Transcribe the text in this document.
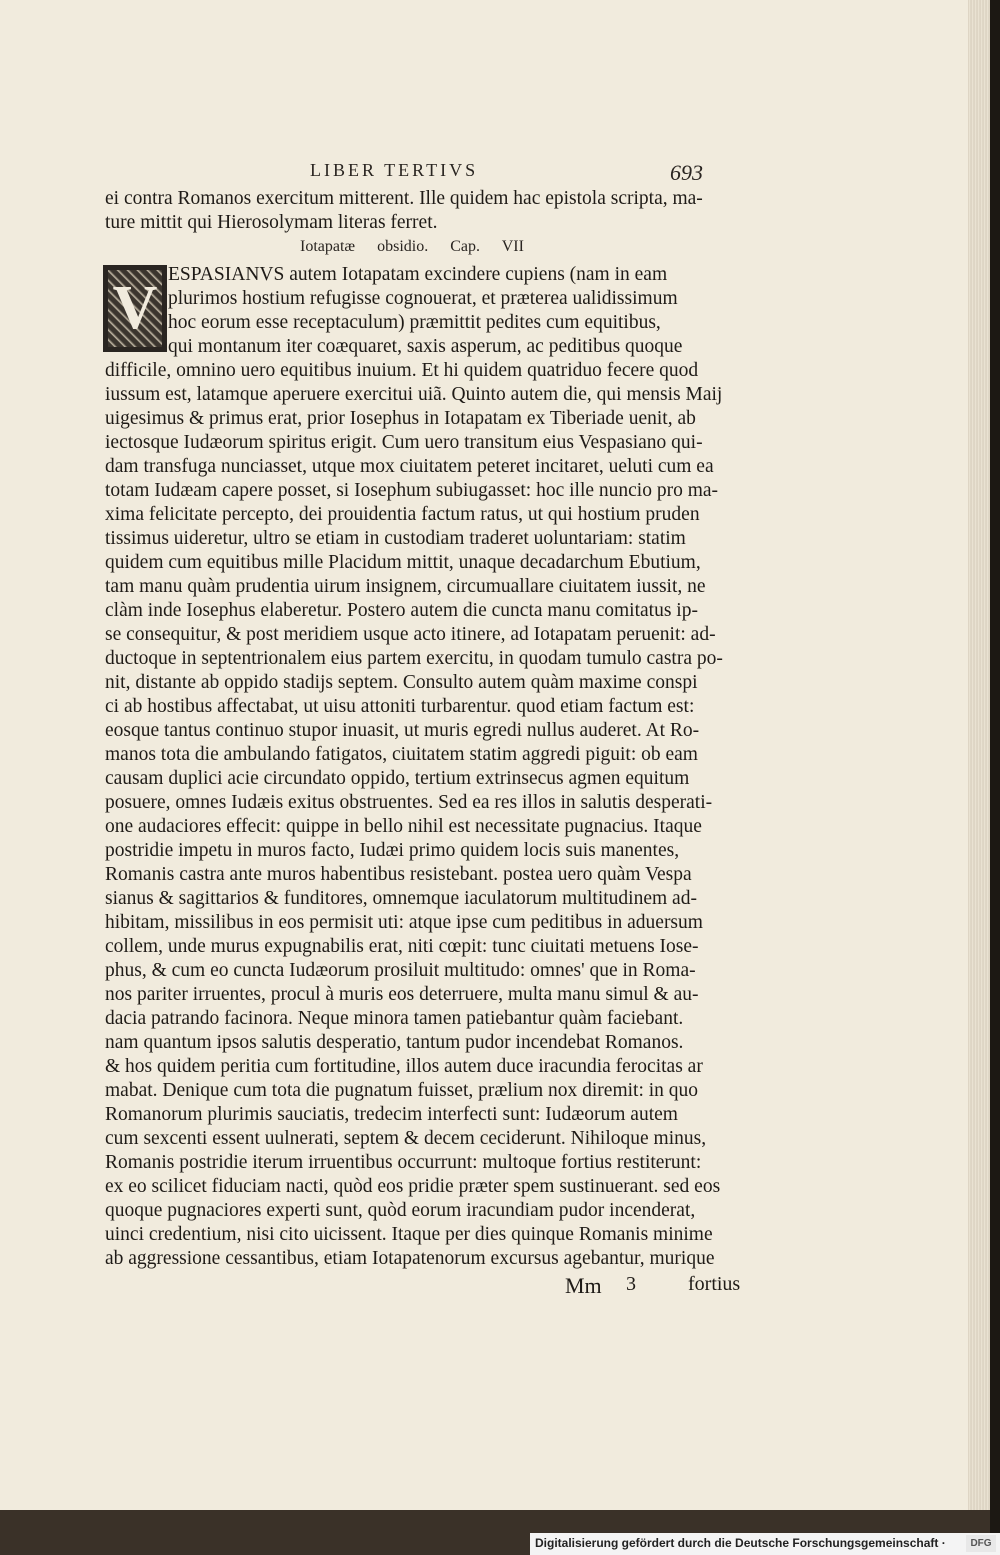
LIBER TERTIVS	693
ei contra Romanos exercitum mitterent. Ille quidem hac epistola scripta, ma-
ture mittit qui Hierosolymam literas ferret.
Iotapatæ obsidio. Cap. VII
V ESPASIANVS autem Iotapatam excindere cupiens (nam in eam
plurimos hostium refugisse cognouerat, et præterea ualidissimum
hoc eorum esse receptaculum) præmittit pedites cum equitibus,
qui montanum iter coæquaret, saxis asperum, ac peditibus quoque
difficile, omnino uero equitibus inuium. Et hi quidem quatriduo fecere quod
iussum est, latamque aperuere exercitui uiã. Quinto autem die, qui mensis Maij
uigesimus & primus erat, prior Iosephus in Iotapatam ex Tiberiade uenit, ab
iectosque Iudæorum spiritus erigit. Cum uero transitum eius Vespasiano qui-
dam transfuga nunciasset, utque mox ciuitatem peteret incitaret, ueluti cum ea
totam Iudæam capere posset, si Iosephum subiugasset: hoc ille nuncio pro ma-
xima felicitate percepto, dei prouidentia factum ratus, ut qui hostium pruden
tissimus uideretur, ultro se etiam in custodiam traderet uoluntariam: statim
quidem cum equitibus mille Placidum mittit, unaque decadarchum Ebutium,
tam manu quàm prudentia uirum insignem, circumuallare ciuitatem iussit, ne
clàm inde Iosephus elaberetur. Postero autem die cuncta manu comitatus ip-
se consequitur, & post meridiem usque acto itinere, ad Iotapatam peruenit: ad-
ductoque in septentrionalem eius partem exercitu, in quodam tumulo castra po-
nit, distante ab oppido stadijs septem. Consulto autem quàm maxime conspi
ci ab hostibus affectabat, ut uisu attoniti turbarentur. quod etiam factum est:
eosque tantus continuo stupor inuasit, ut muris egredi nullus auderet. At Ro-
manos tota die ambulando fatigatos, ciuitatem statim aggredi piguit: ob eam
causam duplici acie circundato oppido, tertium extrinsecus agmen equitum
posuere, omnes Iudæis exitus obstruentes. Sed ea res illos in salutis desperati-
one audaciores effecit: quippe in bello nihil est necessitate pugnacius. Itaque
postridie impetu in muros facto, Iudæi primo quidem locis suis manentes,
Romanis castra ante muros habentibus resistebant. postea uero quàm Vespa
sianus & sagittarios & funditores, omnemque iaculatorum multitudinem ad-
hibitam, missilibus in eos permisit uti: atque ipse cum peditibus in aduersum
collem, unde murus expugnabilis erat, niti cœpit: tunc ciuitati metuens Iose-
phus, & cum eo cuncta Iudæorum prosiluit multitudo: omnes' que in Roma-
nos pariter irruentes, procul à muris eos deterruere, multa manu simul & au-
dacia patrando facinora. Neque minora tamen patiebantur quàm faciebant.
nam quantum ipsos salutis desperatio, tantum pudor incendebat Romanos.
& hos quidem peritia cum fortitudine, illos autem duce iracundia ferocitas ar
mabat. Denique cum tota die pugnatum fuisset, prælium nox diremit: in quo
Romanorum plurimis sauciatis, tredecim interfecti sunt: Iudæorum autem
cum sexcenti essent uulnerati, septem & decem ceciderunt. Nihiloque minus,
Romanis postridie iterum irruentibus occurrunt: multoque fortius restiterunt:
ex eo scilicet fiduciam nacti, quòd eos pridie præter spem sustinuerant. sed eos
quoque pugnaciores experti sunt, quòd eorum iracundiam pudor incenderat,
uinci credentium, nisi cito uicissent. Itaque per dies quinque Romanis minime
ab aggressione cessantibus, etiam Iotapatenorum excursus agebantur, murique
Mm 3	fortius
Digitalisierung gefördert durch die Deutsche Forschungsgemeinschaft ·	DFG
